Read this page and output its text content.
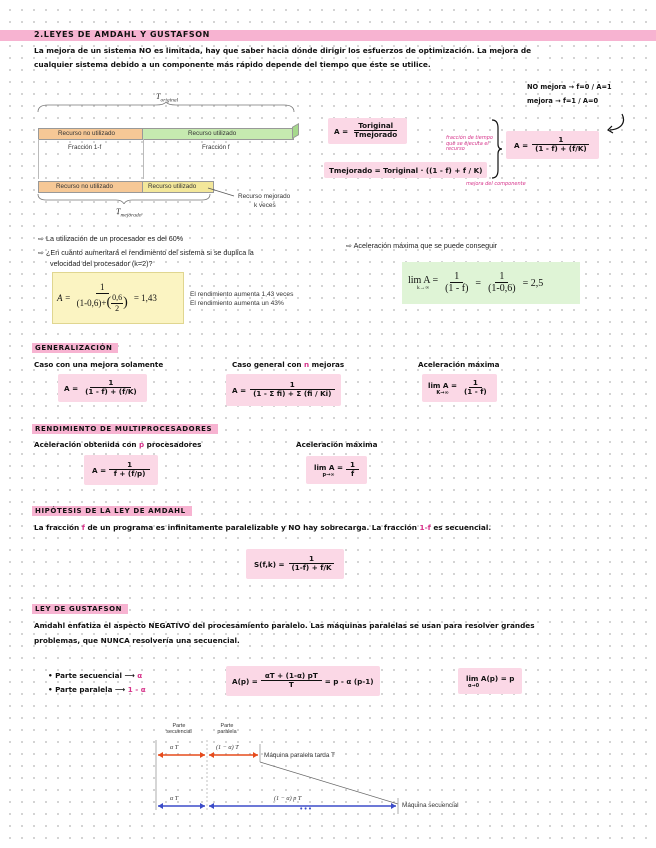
2.LEYES DE AMDAHL Y GUSTAFSON
La mejora de un sistema NO es limitada, hay que saber hacia dónde dirigir los esfuerzos de optimización. La mejora de
cualquier sistema debido a un componente más rápido depende del tiempo que éste se utilice.
NO mejora → f=0 / A=1
mejora → f=1 / A=0
$T_{original}$
Recurso no utilizado	Recurso utilizado
Fracción 1-f	Fracción f
Recurso no utilizado	Recurso utilizado
Recurso mejorado
k veces
$T_{mejorado}$
$A = \frac{\text{Toriginal}}{\text{Tmejorado}}$
Tmejorado = Toriginal · ((1 - f) + f / K)
fracción de tiempo que se ejecuta el recurso
mejora del componente
$A = \frac{1}{(1 - f) + (f/K)}$
⇨ La utilización de un procesador es del 60%
⇨ ¿En cuánto aumentará el rendimiento del sistema si se duplica la
velocidad del procesador (k=2)?
⇨ Aceleración máxima que se puede conseguir
$A = \frac{1}{(1-0,6)+ ( \frac{0,6}{2} )} = 1,43$	El rendimiento aumenta 1,43 veces
El rendimiento aumenta un 43%
lim A =
$k\to\infty \frac{1}{(1 - f)} = \frac{1}{(1-0,6)} = 2,5$
GENERALIZACIÓN
Caso con una mejora solamente	Caso general con n mejoras	Aceleración máxima
$A = \frac{1}{(1 - f) + (f/K)}$	$A = \frac{1}{\text{(1 - Σ fi) + Σ (fi / Ki)}}$	lim A =
$K\to\infty \frac{1}{(1 - f)}$
RENDIMIENTO DE MULTIPROCESADORES
Aceleración obtenida con p procesadores	Aceleración máxima
$A = \frac{1}{f + (f/p)}$	lim A =
$p\to\infty \frac{1}{f}$
HIPÓTESIS DE LA LEY DE AMDAHL
La fracción f de un programa es infinitamente paralelizable y NO hay sobrecarga. La fracción 1-f es secuencial.
$S(f,k) = \frac{1}{(1-f) + f/K}$
LEY DE GUSTAFSON
Amdahl enfatiza el aspecto NEGATIVO del procesamiento paralelo. Las máquinas paralelas se usan para resolver grandes
problemas, que NUNCA resolvería una secuencial.
• Parte secuencial ⟶ α
• Parte paralela ⟶ 1 - α
$A(p) = \frac{\alpha T + (1-\alpha) pT}{T} = p - \alpha$ (p-1)	lim A(p) = p
α→0
Parte
secuencial
Parte
paralela
α T	(1 − α) T
Máquina paralela tarda T
α T	(1 − α) p T
• • •
Máquina secuencial
